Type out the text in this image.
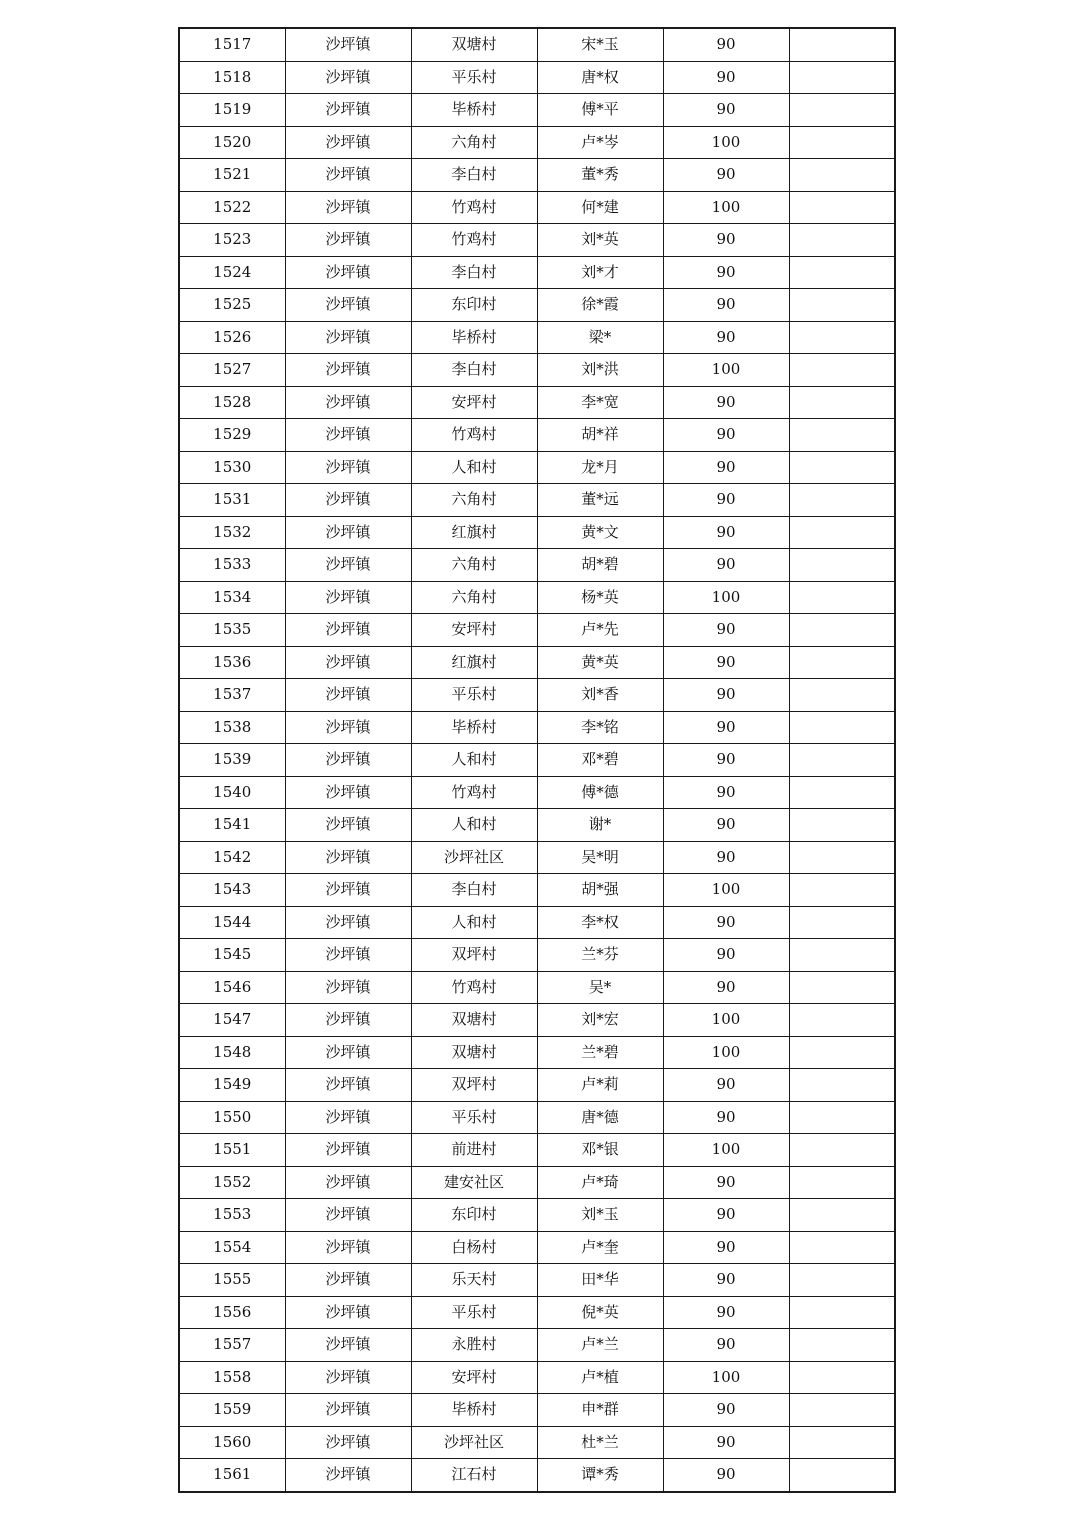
1517	沙坪镇	双塘村	宋*玉	90	
1518	沙坪镇	平乐村	唐*权	90	
1519	沙坪镇	毕桥村	傅*平	90	
1520	沙坪镇	六角村	卢*岑	100	
1521	沙坪镇	李白村	董*秀	90	
1522	沙坪镇	竹鸡村	何*建	100	
1523	沙坪镇	竹鸡村	刘*英	90	
1524	沙坪镇	李白村	刘*才	90	
1525	沙坪镇	东印村	徐*霞	90	
1526	沙坪镇	毕桥村	梁*	90	
1527	沙坪镇	李白村	刘*洪	100	
1528	沙坪镇	安坪村	李*宽	90	
1529	沙坪镇	竹鸡村	胡*祥	90	
1530	沙坪镇	人和村	龙*月	90	
1531	沙坪镇	六角村	董*远	90	
1532	沙坪镇	红旗村	黄*文	90	
1533	沙坪镇	六角村	胡*碧	90	
1534	沙坪镇	六角村	杨*英	100	
1535	沙坪镇	安坪村	卢*先	90	
1536	沙坪镇	红旗村	黄*英	90	
1537	沙坪镇	平乐村	刘*香	90	
1538	沙坪镇	毕桥村	李*铭	90	
1539	沙坪镇	人和村	邓*碧	90	
1540	沙坪镇	竹鸡村	傅*德	90	
1541	沙坪镇	人和村	谢*	90	
1542	沙坪镇	沙坪社区	吴*明	90	
1543	沙坪镇	李白村	胡*强	100	
1544	沙坪镇	人和村	李*权	90	
1545	沙坪镇	双坪村	兰*芬	90	
1546	沙坪镇	竹鸡村	吴*	90	
1547	沙坪镇	双塘村	刘*宏	100	
1548	沙坪镇	双塘村	兰*碧	100	
1549	沙坪镇	双坪村	卢*莉	90	
1550	沙坪镇	平乐村	唐*德	90	
1551	沙坪镇	前进村	邓*银	100	
1552	沙坪镇	建安社区	卢*琦	90	
1553	沙坪镇	东印村	刘*玉	90	
1554	沙坪镇	白杨村	卢*奎	90	
1555	沙坪镇	乐天村	田*华	90	
1556	沙坪镇	平乐村	倪*英	90	
1557	沙坪镇	永胜村	卢*兰	90	
1558	沙坪镇	安坪村	卢*植	100	
1559	沙坪镇	毕桥村	申*群	90	
1560	沙坪镇	沙坪社区	杜*兰	90	
1561	沙坪镇	江石村	谭*秀	90	
